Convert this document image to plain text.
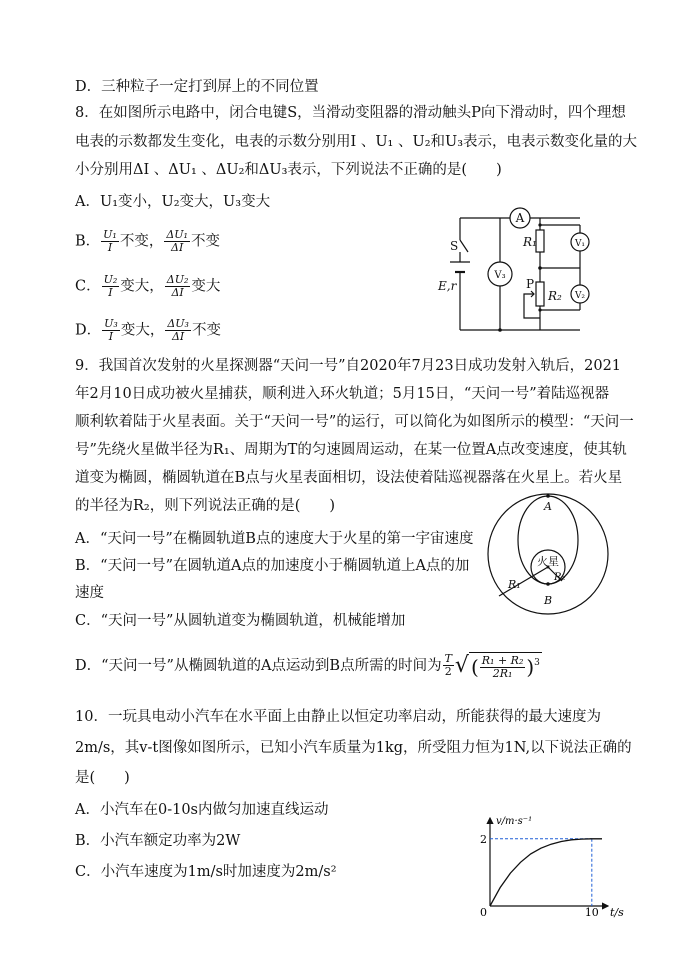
D．三种粒子一定打到屏上的不同位置
8．在如图所示电路中，闭合电键S，当滑动变阻器的滑动触头P向下滑动时，四个理想
电表的示数都发生变化，电表的示数分别用I 、U₁ 、U₂和U₃表示，电表示数变化量的大
小分别用ΔI 、ΔU₁ 、ΔU₂和ΔU₃表示，下列说法不正确的是(　　)
A．U₁变小，U₂变大，U₃变大
B． $\frac{\text{U₁}}{I}$ 不变， $\frac{\text{ΔU₁}}{\Delta I}$ 不变
C． $\frac{\text{U₂}}{I}$ 变大， $\frac{\text{ΔU₂}}{\Delta I}$ 变大
D． $\frac{\text{U₃}}{I}$ 变大， $\frac{\text{ΔU₃}}{\Delta I}$ 不变
A
V₃
V₁
V₂
R₁
R₂
S
E,r	P
9．我国首次发射的火星探测器“天问一号”自2020年7月23日成功发射入轨后，2021
年2月10日成功被火星捕获，顺利进入环火轨道；5月15日，“天问一号”着陆巡视器
顺利软着陆于火星表面。关于“天问一号”的运行，可以简化为如图所示的模型：“天问一
号”先绕火星做半径为R₁、周期为T的匀速圆周运动，在某一位置A点改变速度，使其轨
道变为椭圆，椭圆轨道在B点与火星表面相切，设法使着陆巡视器落在火星上。若火星
的半径为R₂，则下列说法正确的是(　　)
A．“天问一号”在椭圆轨道B点的速度大于火星的第一宇宙速度
B．“天问一号”在圆轨道A点的加速度小于椭圆轨道上A点的加
速度
C．“天问一号”从圆轨道变为椭圆轨道，机械能增加
D．“天问一号”从椭圆轨道的A点运动到B点所需的时间为 $\frac{T}{2}$ √ ( $\frac{\text{R₁ + R₂}}{\text{2R₁}} )^3$
A
B
火星
R₁
R₂
10．一玩具电动小汽车在水平面上由静止以恒定功率启动，所能获得的最大速度为
2m/s，其v-t图像如图所示，已知小汽车质量为1kg，所受阻力恒为1N,以下说法正确的
是(　　)
A．小汽车在0-10s内做匀加速直线运动
B．小汽车额定功率为2W
C．小汽车速度为1m/s时加速度为2m/s²
t/s
v/m·s⁻¹
0	10
2
